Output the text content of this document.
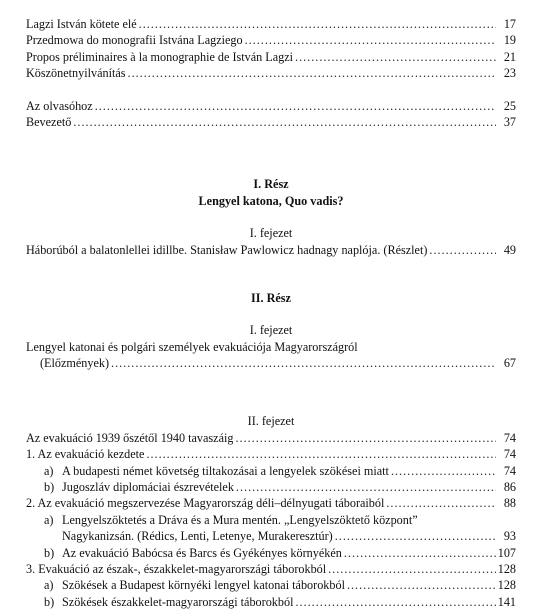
Lagzi István kötete elé .....	17
Przedmowa do monografii Istvána Lagziego .....	19
Propos préliminaires à la monographie de István Lagzi .....	21
Köszönetnyilvánítás .....	23
Az olvasóhoz .....	25
Bevezető .....	37
I. Rész
Lengyel katona, Quo vadis?
I. fejezet
Háborúból a balatonlellei idillbe. Stanisław Pawlowicz hadnagy naplója. (Részlet) .....	49
II. Rész
I. fejezet
Lengyel katonai és polgári személyek evakuációja Magyarországról
(Előzmények) .....	67
II. fejezet
Az evakuáció 1939 őszétől 1940 tavaszáig .....	74
1. Az evakuáció kezdete .....	74
a) A budapesti német követség tiltakozásai a lengyelek szökései miatt .....	74
b) Jugoszláv diplomáciai észrevételek .....	86
2. Az evakuáció megszervezése Magyarország déli–délnyugati táboraiból .....	88
a) Lengyelszöktetés a Dráva és a Mura mentén. „Lengyelszöktető központ”
Nagykanizsán. (Rédics, Lenti, Letenye, Murakeresztúr) .....	93
b) Az evakuáció Babócsa és Barcs és Gyékényes környékén .....	107
3. Evakuáció az észak-, északkelet-magyarországi táborokból .....	128
a) Szökések a Budapest környéki lengyel katonai táborokból .....	128
b) Szökések északkelet-magyarországi táborokból .....	141
